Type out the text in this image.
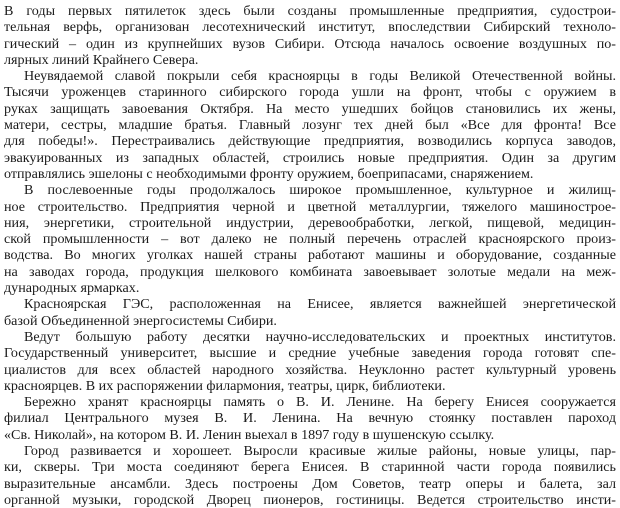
В годы первых пятилеток здесь были созданы промышленные предприятия, судострои-
тельная верфь, организован лесотехнический институт, впоследствии Сибирский техноло-
гический – один из крупнейших вузов Сибири. Отсюда началось освоение воздушных по-
лярных линий Крайнего Севера.
Неувядаемой славой покрыли себя красноярцы в годы Великой Отечественной войны.
Тысячи уроженцев старинного сибирского города ушли на фронт, чтобы с оружием в
руках защищать завоевания Октября. На место ушедших бойцов становились их жены,
матери, сестры, младшие братья. Главный лозунг тех дней был «Все для фронта! Все
для победы!». Перестраивались действующие предприятия, возводились корпуса заводов,
эвакуированных из западных областей, строились новые предприятия. Один за другим
отправлялись эшелоны с необходимыми фронту оружием, боеприпасами, снаряжением.
В послевоенные годы продолжалось широкое промышленное, культурное и жилищ-
ное строительство. Предприятия черной и цветной металлургии, тяжелого машинострое-
ния, энергетики, строительной индустрии, деревообработки, легкой, пищевой, медицин-
ской промышленности – вот далеко не полный перечень отраслей красноярского произ-
водства. Во многих уголках нашей страны работают машины и оборудование, созданные
на заводах города, продукция шелкового комбината завоевывает золотые медали на меж-
дународных ярмарках.
Красноярская ГЭС, расположенная на Енисее, является важнейшей энергетической
базой Объединенной энергосистемы Сибири.
Ведут большую работу десятки научно-исследовательских и проектных институтов.
Государственный университет, высшие и средние учебные заведения города готовят спе-
циалистов для всех областей народного хозяйства. Неуклонно растет культурный уровень
красноярцев. В их распоряжении филармония, театры, цирк, библиотеки.
Бережно хранят красноярцы память о В. И. Ленине. На берегу Енисея сооружается
филиал Центрального музея В. И. Ленина. На вечную стоянку поставлен пароход
«Св. Николай», на котором В. И. Ленин выехал в 1897 году в шушенскую ссылку.
Город развивается и хорошеет. Выросли красивые жилые районы, новые улицы, пар-
ки, скверы. Три моста соединяют берега Енисея. В старинной части города появились
выразительные ансамбли. Здесь построены Дом Советов, театр оперы и балета, зал
органной музыки, городской Дворец пионеров, гостиницы. Ведется строительство инсти-
